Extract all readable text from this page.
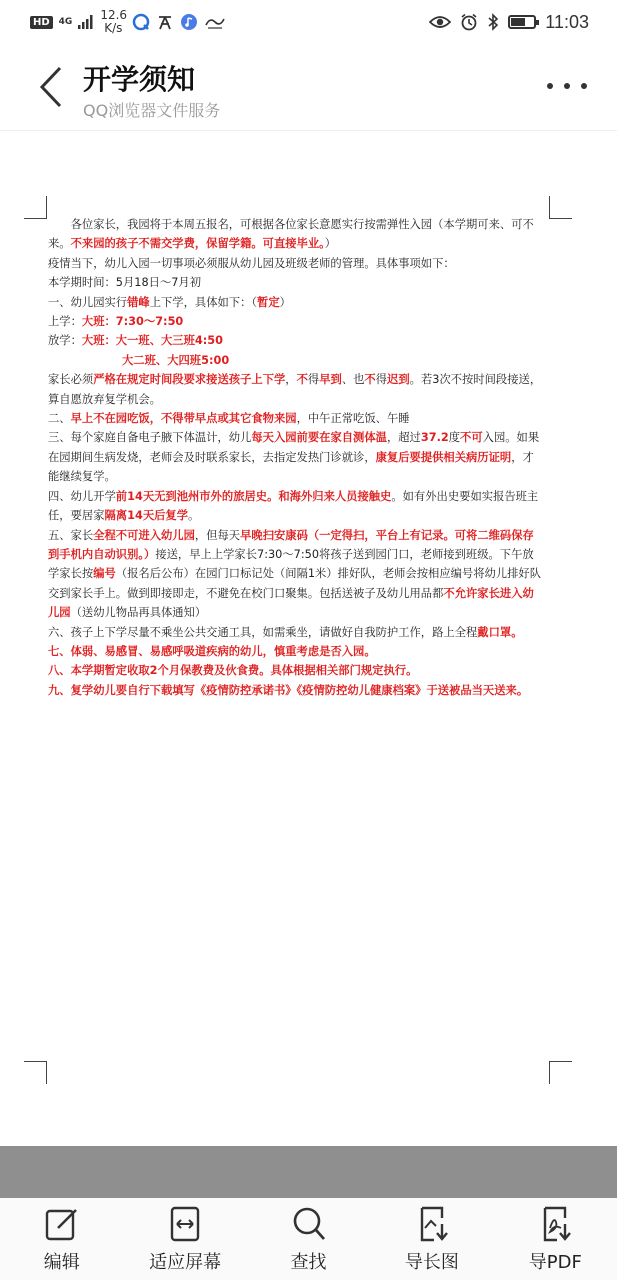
HD	4G 12.6
K/s	11:03
开学须知
QQ浏览器文件服务

各位家长，我园将于本周五报名，可根据各位家长意愿实行按需弹性入园（本学期可来、可不来。不来园的孩子不需交学费，保留学籍。可直接毕业。）

疫情当下，幼儿入园一切事项必须服从幼儿园及班级老师的管理。具体事项如下：

本学期时间：5月18日～7月初

一、幼儿园实行错峰上下学，具体如下：（暂定）

上学：大班：7:30～7:50

放学：大班：大一班、大三班4:50

大二班、大四班5:00

家长必须严格在规定时间段要求接送孩子上下学，不得早到、也不得迟到。若3次不按时间段接送，算自愿放弃复学机会。

二、早上不在园吃饭，不得带早点或其它食物来园，中午正常吃饭、午睡

三、每个家庭自备电子腋下体温计，幼儿每天入园前要在家自测体温，超过37.2度不可入园。如果在园期间生病发烧，老师会及时联系家长，去指定发热门诊就诊，康复后要提供相关病历证明，才能继续复学。

四、幼儿开学前14天无到池州市外的旅居史。和海外归来人员接触史。如有外出史要如实报告班主任，要居家隔离14天后复学。

五、家长全程不可进入幼儿园，但每天早晚扫安康码（一定得扫，平台上有记录。可将二维码保存到手机内自动识别。）接送，早上上学家长7:30～7:50将孩子送到园门口，老师接到班级。下午放学家长按编号（报名后公布）在园门口标记处（间隔1米）排好队，老师会按相应编号将幼儿排好队交到家长手上。做到即接即走，不避免在校门口聚集。包括送被子及幼儿用品都不允许家长进入幼儿园（送幼儿物品再具体通知）

六、孩子上下学尽量不乘坐公共交通工具，如需乘坐，请做好自我防护工作，路上全程戴口罩。

七、体弱、易感冒、易感呼吸道疾病的幼儿，慎重考虑是否入园。

八、本学期暂定收取2个月保教费及伙食费。具体根据相关部门规定执行。

九、复学幼儿要自行下载填写《疫情防控承诺书》《疫情防控幼儿健康档案》于送被品当天送来。

编辑	适应屏幕	查找	导长图	导PDF
